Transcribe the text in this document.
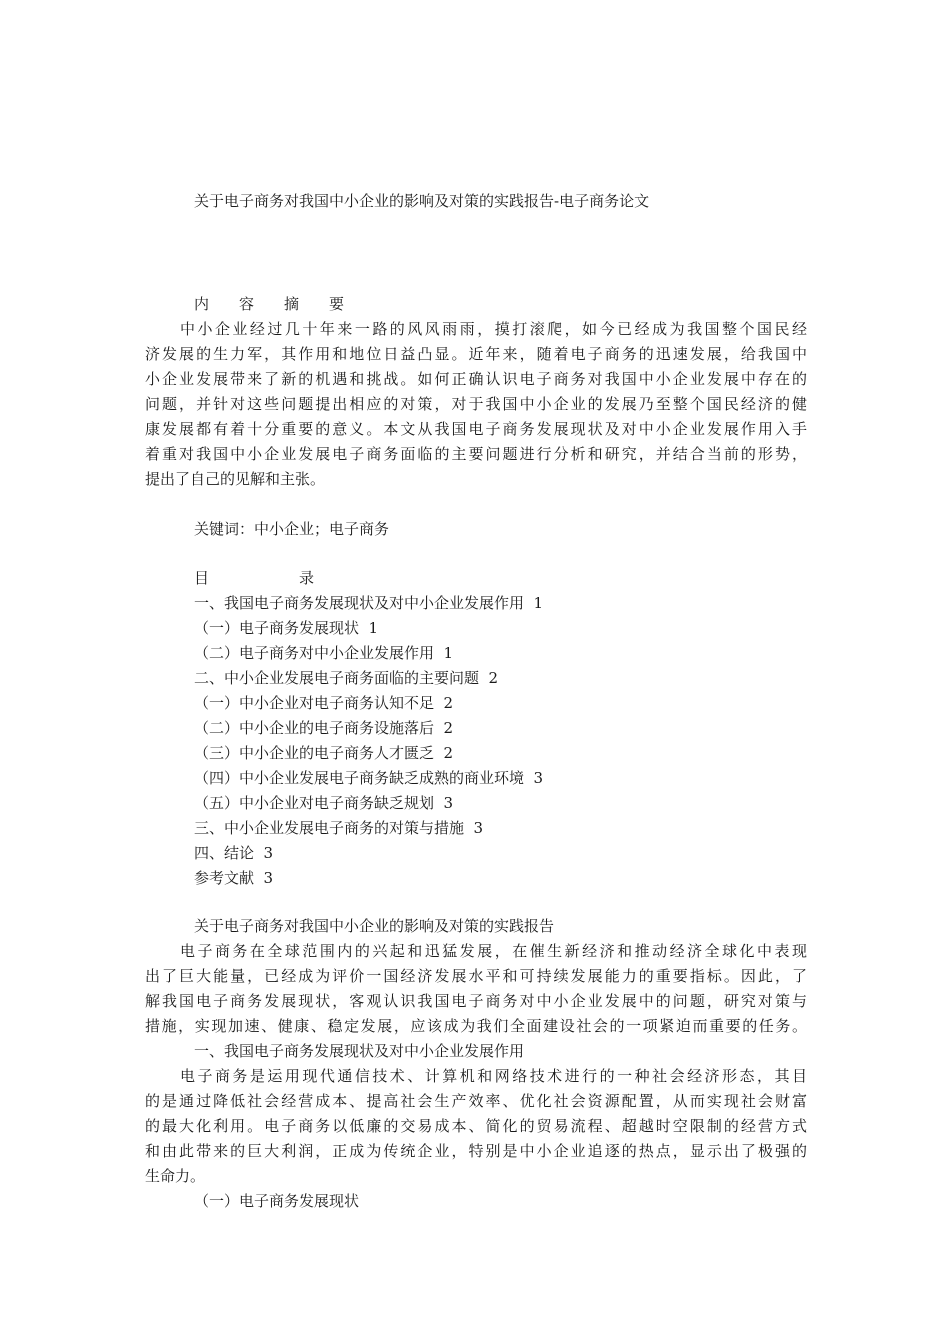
关于电子商务对我国中小企业的影响及对策的实践报告-电子商务论文
内　　容　　摘　　要
　　中小企业经过几十年来一路的风风雨雨，摸打滚爬，如今已经成为我国整个国民经
济发展的生力军，其作用和地位日益凸显。近年来，随着电子商务的迅速发展，给我国中
小企业发展带来了新的机遇和挑战。如何正确认识电子商务对我国中小企业发展中存在的
问题，并针对这些问题提出相应的对策，对于我国中小企业的发展乃至整个国民经济的健
康发展都有着十分重要的意义。本文从我国电子商务发展现状及对中小企业发展作用入手
着重对我国中小企业发展电子商务面临的主要问题进行分析和研究，并结合当前的形势，
提出了自己的见解和主张。
关键词：中小企业；电子商务
目　　　　　　录
一、我国电子商务发展现状及对中小企业发展作用  1
（一）电子商务发展现状  1
（二）电子商务对中小企业发展作用  1
二、中小企业发展电子商务面临的主要问题  2
（一）中小企业对电子商务认知不足  2
（二）中小企业的电子商务设施落后  2
（三）中小企业的电子商务人才匮乏  2
（四）中小企业发展电子商务缺乏成熟的商业环境  3
（五）中小企业对电子商务缺乏规划  3
三、中小企业发展电子商务的对策与措施  3
四、结论  3
参考文献  3
关于电子商务对我国中小企业的影响及对策的实践报告
　　电子商务在全球范围内的兴起和迅猛发展，在催生新经济和推动经济全球化中表现
出了巨大能量，已经成为评价一国经济发展水平和可持续发展能力的重要指标。因此，了
解我国电子商务发展现状，客观认识我国电子商务对中小企业发展中的问题，研究对策与
措施，实现加速、健康、稳定发展，应该成为我们全面建设社会的一项紧迫而重要的任务。
一、我国电子商务发展现状及对中小企业发展作用
　　电子商务是运用现代通信技术、计算机和网络技术进行的一种社会经济形态，其目
的是通过降低社会经营成本、提高社会生产效率、优化社会资源配置，从而实现社会财富
的最大化利用。电子商务以低廉的交易成本、简化的贸易流程、超越时空限制的经营方式
和由此带来的巨大利润，正成为传统企业，特别是中小企业追逐的热点，显示出了极强的
生命力。
（一）电子商务发展现状
